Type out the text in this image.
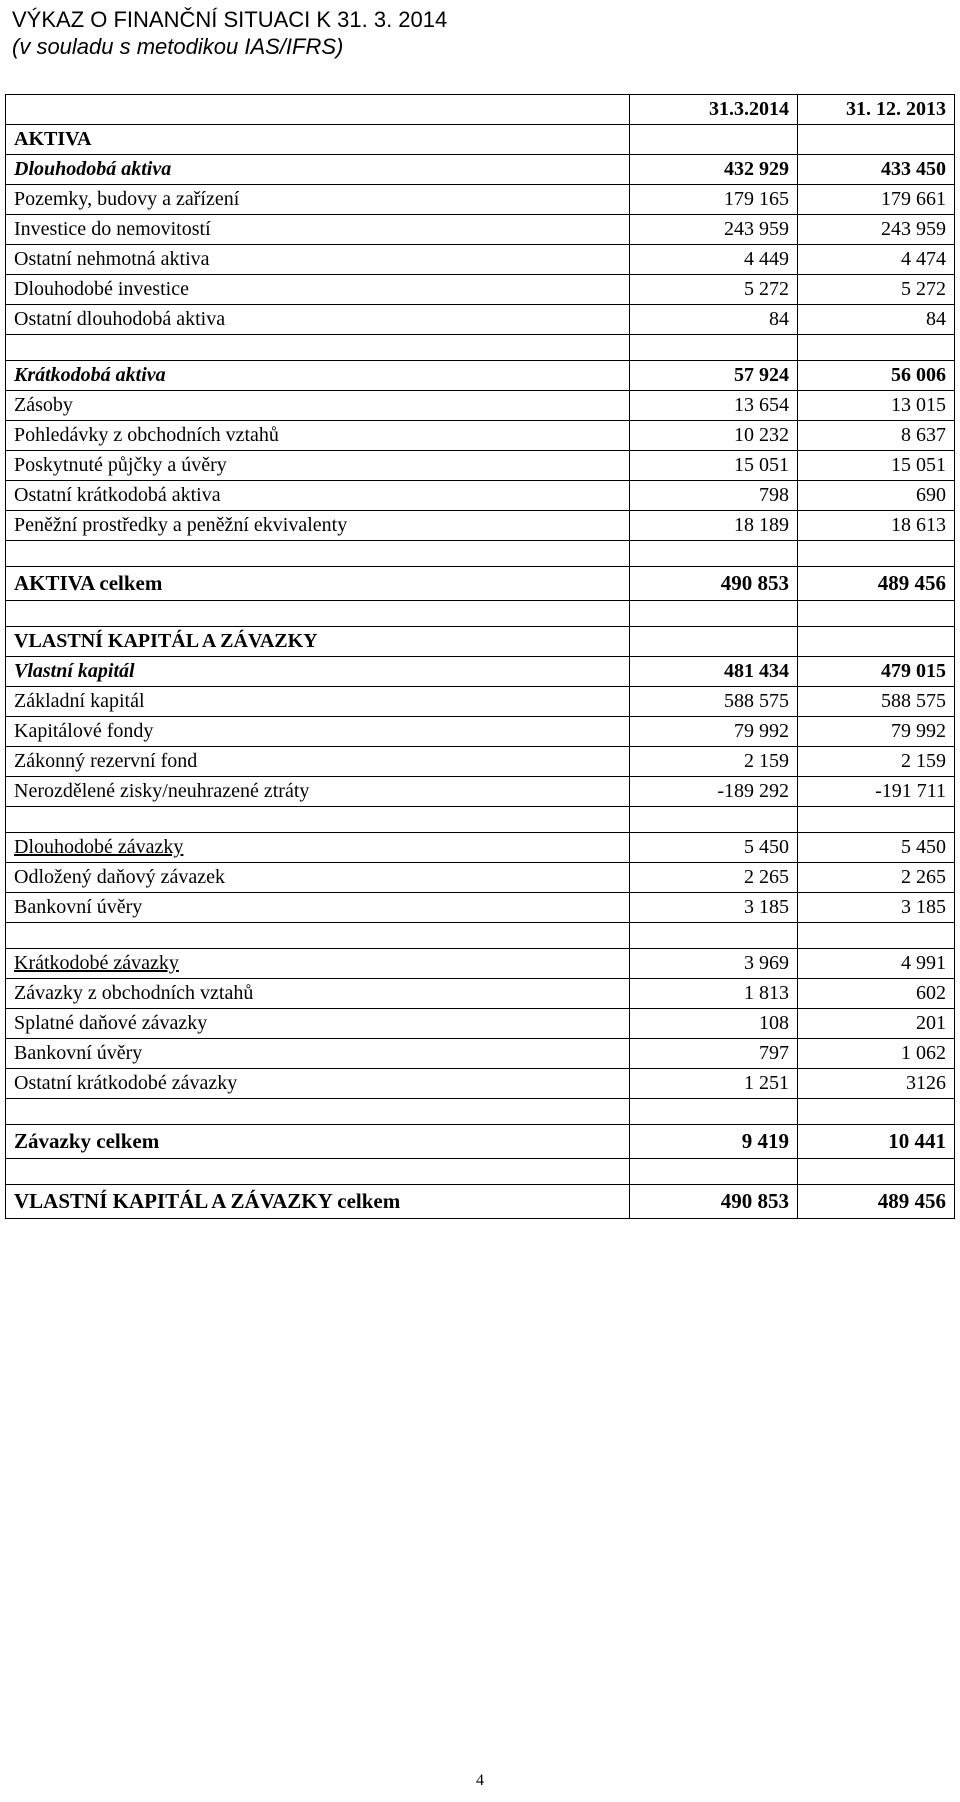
VÝKAZ O FINANČNÍ SITUACI K 31. 3. 2014
(v souladu s metodikou IAS/IFRS)
	31.3.2014	31. 12. 2013
AKTIVA		
Dlouhodobá aktiva	432 929	433 450
Pozemky, budovy a zařízení	179 165	179 661
Investice do nemovitostí	243 959	243 959
Ostatní nehmotná aktiva	4 449	4 474
Dlouhodobé investice	5 272	5 272
Ostatní dlouhodobá aktiva	84	84

Krátkodobá aktiva	57 924	56 006
Zásoby	13 654	13 015
Pohledávky z obchodních vztahů	10 232	8 637
Poskytnuté půjčky a úvěry	15 051	15 051
Ostatní krátkodobá aktiva	798	690
Peněžní prostředky a peněžní ekvivalenty	18 189	18 613

AKTIVA celkem	490 853	489 456

VLASTNÍ KAPITÁL A ZÁVAZKY		
Vlastní kapitál	481 434	479 015
Základní kapitál	588 575	588 575
Kapitálové fondy	79 992	79 992
Zákonný rezervní fond	2 159	2 159
Nerozdělené zisky/neuhrazené ztráty	-189 292	-191 711

Dlouhodobé závazky	5 450	5 450
Odložený daňový závazek	2 265	2 265
Bankovní úvěry	3 185	3 185

Krátkodobé závazky	3 969	4 991
Závazky z obchodních vztahů	1 813	602
Splatné daňové závazky	108	201
Bankovní úvěry	797	1 062
Ostatní krátkodobé závazky	1 251	3126

Závazky celkem	9 419	10 441

VLASTNÍ KAPITÁL A ZÁVAZKY celkem	490 853	489 456
4
